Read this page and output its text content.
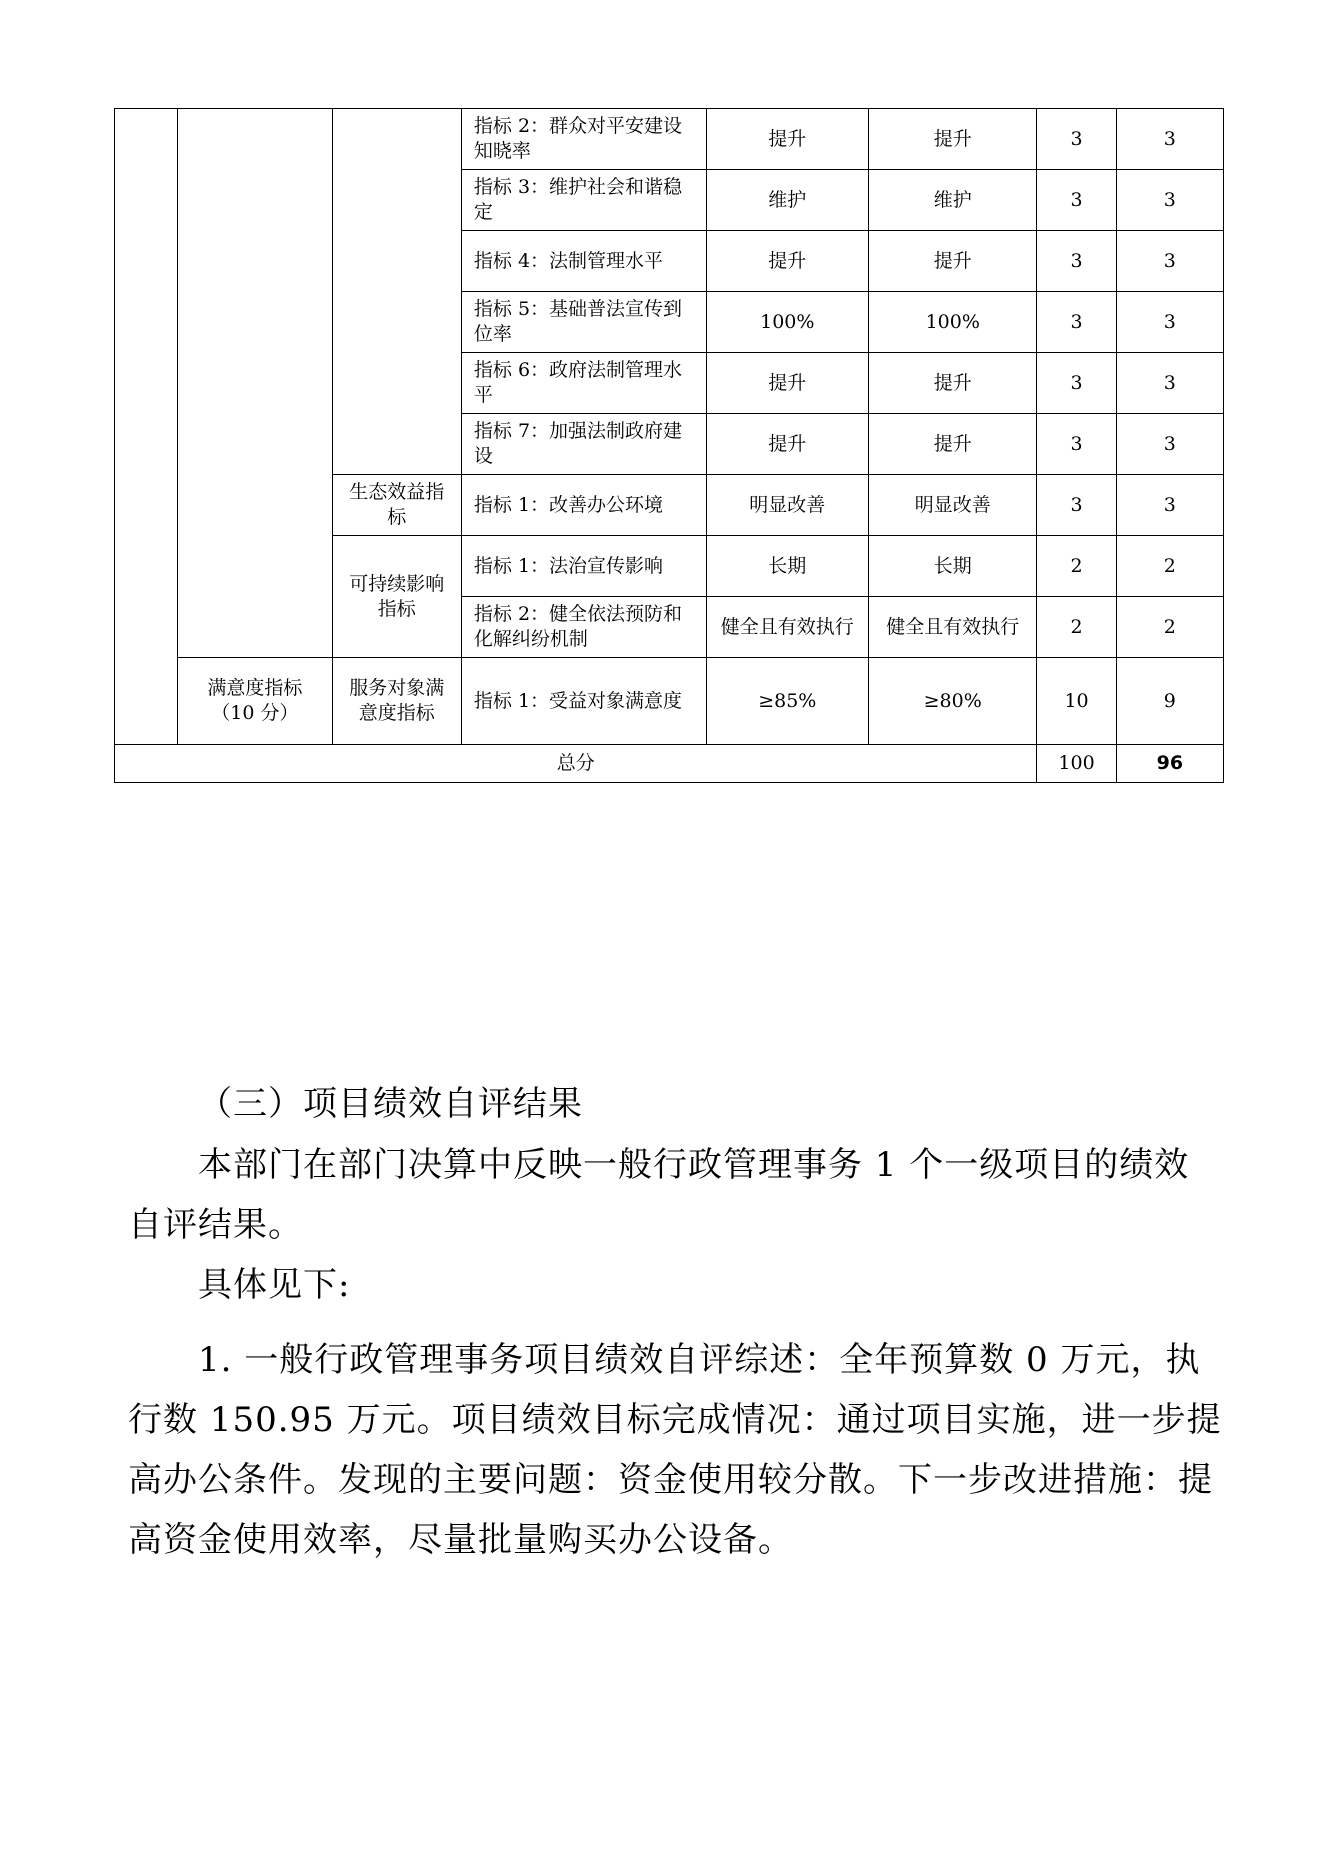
			指标 2：群众对平安建设知晓率	提升	提升	3	3
			指标 3：维护社会和谐稳定	维护	维护	3	3
			指标 4：法制管理水平	提升	提升	3	3
			指标 5：基础普法宣传到位率	100%	100%	3	3
			指标 6：政府法制管理水平	提升	提升	3	3
			指标 7：加强法制政府建设	提升	提升	3	3
		生态效益指标	指标 1：改善办公环境	明显改善	明显改善	3	3
		可持续影响指标	指标 1：法治宣传影响	长期	长期	2	2
			指标 2：健全依法预防和化解纠纷机制	健全且有效执行	健全且有效执行	2	2
	满意度指标（10 分）	服务对象满意度指标	指标 1：受益对象满意度	≥85%	≥80%	10	9
总分						100	96
（三）项目绩效自评结果

本部门在部门决算中反映一般行政管理事务 1 个一级项目的绩效自评结果。

具体见下:

1. 一般行政管理事务项目绩效自评综述：全年预算数 0 万元，执行数 150.95 万元。项目绩效目标完成情况：通过项目实施，进一步提高办公条件。发现的主要问题：资金使用较分散。下一步改进措施：提高资金使用效率，尽量批量购买办公设备。
